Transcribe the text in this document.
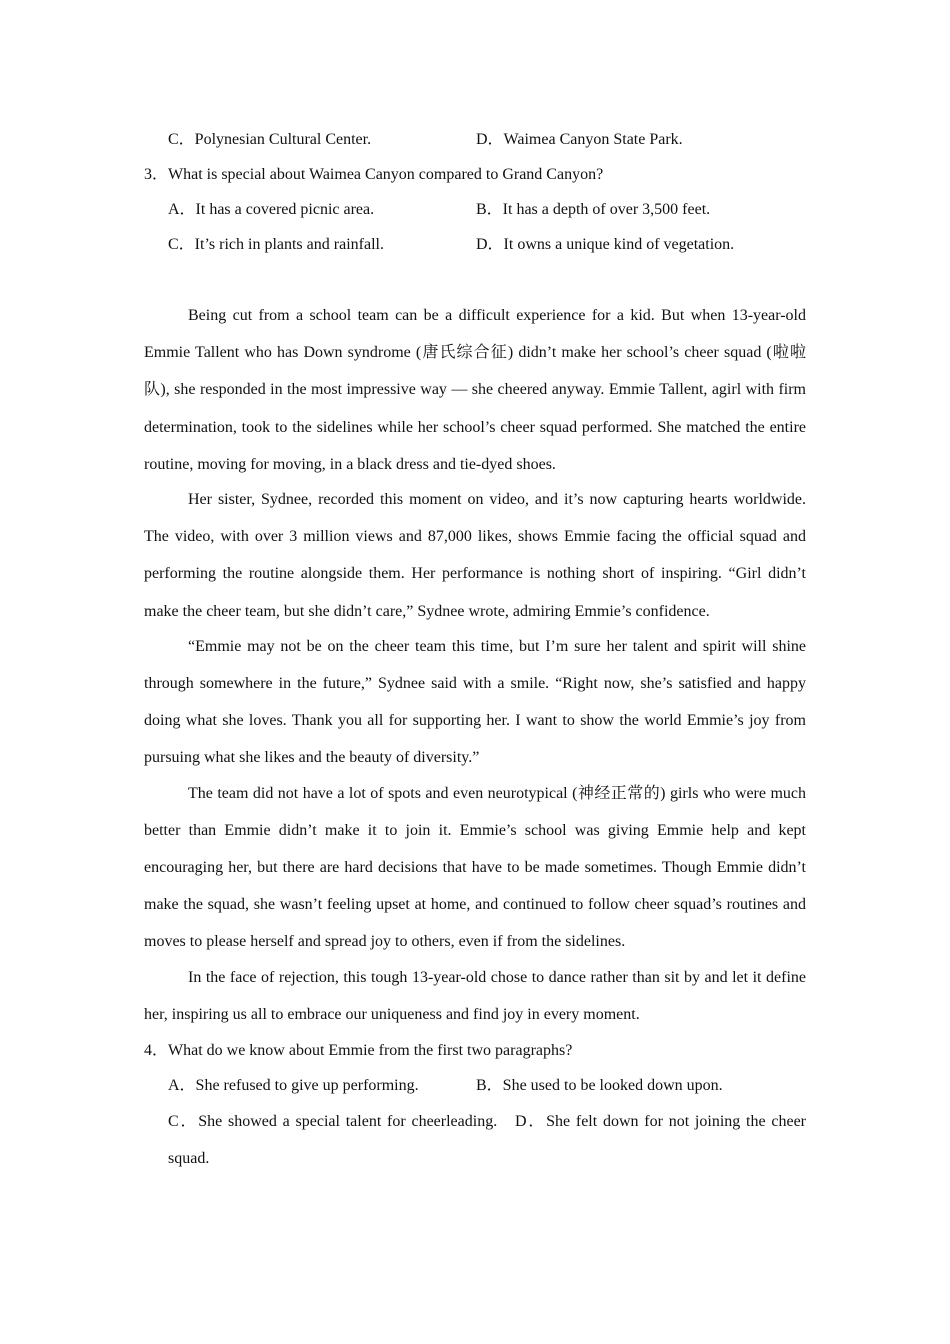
C．Polynesian Cultural Center.	D．Waimea Canyon State Park.
3．What is special about Waimea Canyon compared to Grand Canyon?
A．It has a covered picnic area.	B．It has a depth of over 3,500 feet.
C．It’s rich in plants and rainfall.	D．It owns a unique kind of vegetation.

Being cut from a school team can be a difficult experience for a kid. But when 13-year-old Emmie Tallent who has Down syndrome (唐氏综合征) didn’t make her school’s cheer squad (啦啦队), she responded in the most impressive way — she cheered anyway. Emmie Tallent, agirl with firm determination, took to the sidelines while her school’s cheer squad performed. She matched the entire routine, moving for moving, in a black dress and tie-dyed shoes.

Her sister, Sydnee, recorded this moment on video, and it’s now capturing hearts worldwide. The video, with over 3 million views and 87,000 likes, shows Emmie facing the official squad and performing the routine alongside them. Her performance is nothing short of inspiring. “Girl didn’t make the cheer team, but she didn’t care,” Sydnee wrote, admiring Emmie’s confidence.

“Emmie may not be on the cheer team this time, but I’m sure her talent and spirit will shine through somewhere in the future,” Sydnee said with a smile. “Right now, she’s satisfied and happy doing what she loves. Thank you all for supporting her. I want to show the world Emmie’s joy from pursuing what she likes and the beauty of diversity.”

The team did not have a lot of spots and even neurotypical (神经正常的) girls who were much better than Emmie didn’t make it to join it. Emmie’s school was giving Emmie help and kept encouraging her, but there are hard decisions that have to be made sometimes. Though Emmie didn’t make the squad, she wasn’t feeling upset at home, and continued to follow cheer squad’s routines and moves to please herself and spread joy to others, even if from the sidelines.

In the face of rejection, this tough 13-year-old chose to dance rather than sit by and let it define her, inspiring us all to embrace our uniqueness and find joy in every moment.

4．What do we know about Emmie from the first two paragraphs?
A．She refused to give up performing.	B．She used to be looked down upon.
C．She showed a special talent for cheerleading. D．She felt down for not joining the cheer squad.
